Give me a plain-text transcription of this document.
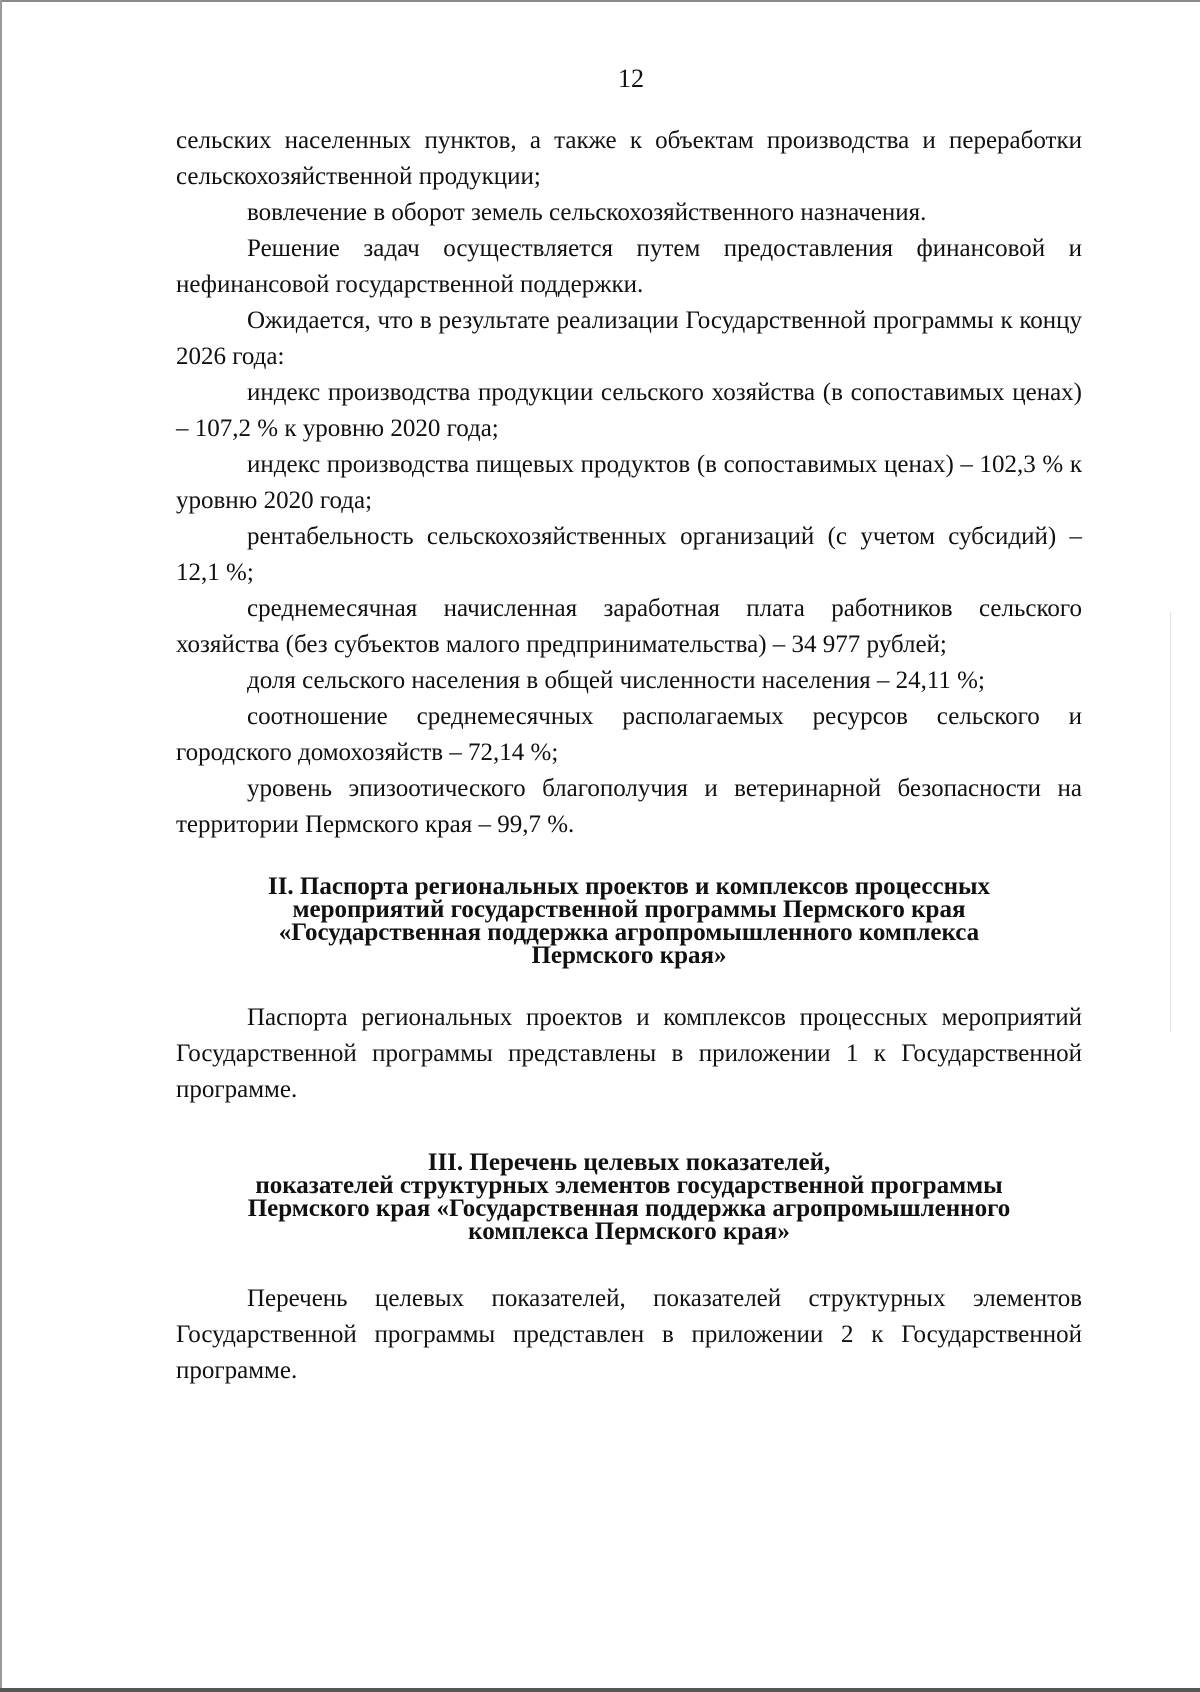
12

сельских населенных пунктов, а также к объектам производства и переработки сельскохозяйственной продукции;

вовлечение в оборот земель сельскохозяйственного назначения.

Решение задач осуществляется путем предоставления финансовой и нефинансовой государственной поддержки.

Ожидается, что в результате реализации Государственной программы к концу 2026 года:

индекс производства продукции сельского хозяйства (в сопоставимых ценах) – 107,2 % к уровню 2020 года;

индекс производства пищевых продуктов (в сопоставимых ценах) – 102,3 % к уровню 2020 года;

рентабельность сельскохозяйственных организаций (с учетом субсидий) – 12,1 %;

среднемесячная начисленная заработная плата работников сельского хозяйства (без субъектов малого предпринимательства) – 34 977 рублей;

доля сельского населения в общей численности населения – 24,11 %;

соотношение среднемесячных располагаемых ресурсов сельского и городского домохозяйств – 72,14 %;

уровень эпизоотического благополучия и ветеринарной безопасности на территории Пермского края – 99,7 %.

II. Паспорта региональных проектов и комплексов процессных
мероприятий государственной программы Пермского края
«Государственная поддержка агропромышленного комплекса
Пермского края»

Паспорта региональных проектов и комплексов процессных мероприятий Государственной программы представлены в приложении 1 к Государственной программе.

III. Перечень целевых показателей,
показателей структурных элементов государственной программы
Пермского края «Государственная поддержка агропромышленного
комплекса Пермского края»

Перечень целевых показателей, показателей структурных элементов Государственной программы представлен в приложении 2 к Государственной программе.
